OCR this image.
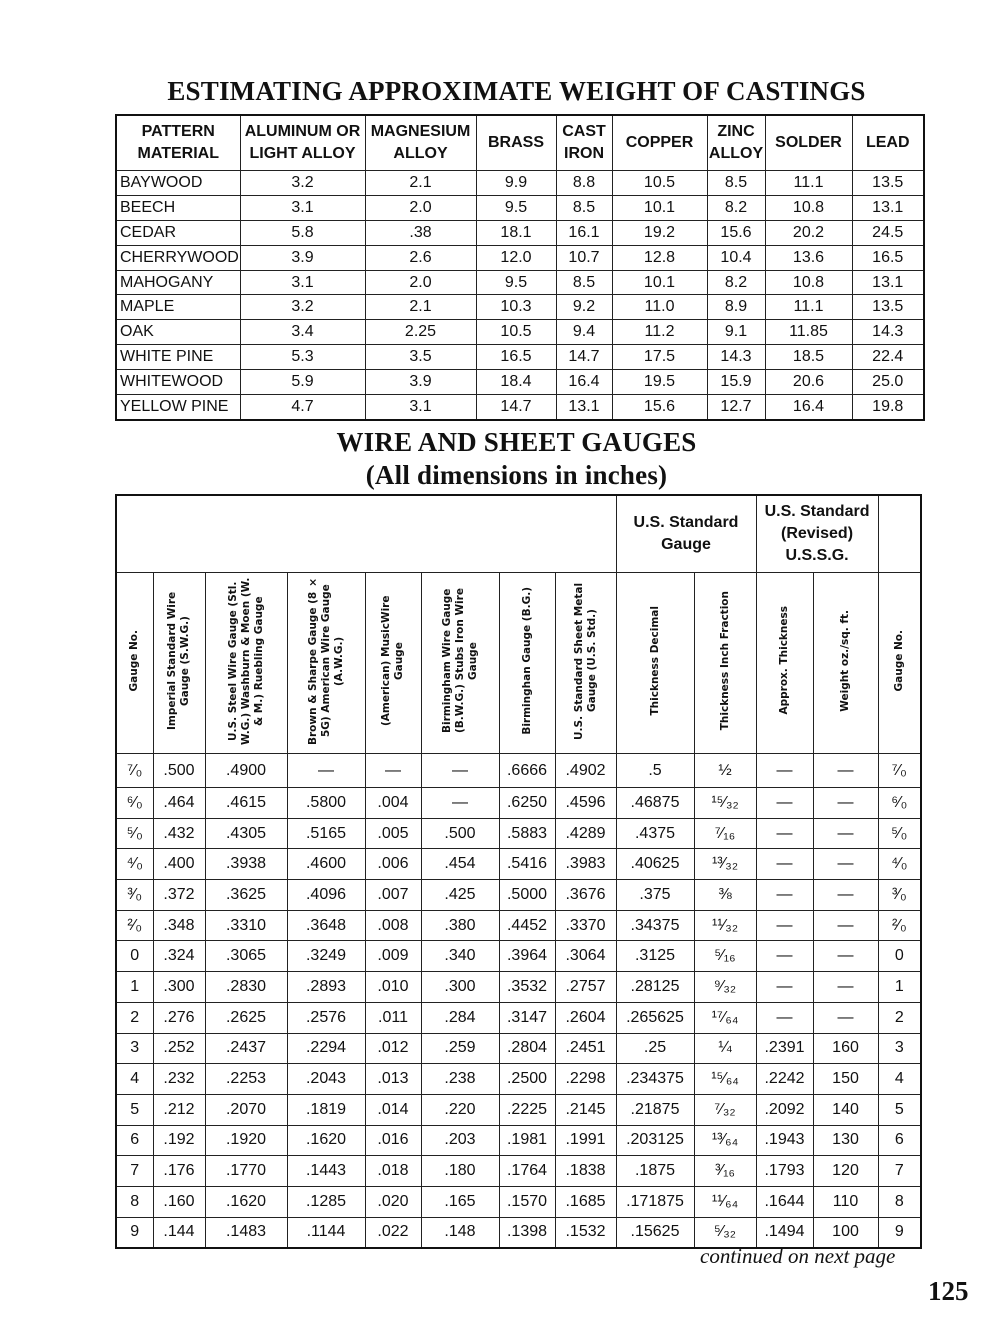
ESTIMATING APPROXIMATE WEIGHT OF CASTINGS
PATTERN MATERIAL	ALUMINUM OR LIGHT ALLOY	MAGNESIUM ALLOY	BRASS	CAST IRON	COPPER	ZINC ALLOY	SOLDER	LEAD
BAYWOOD	3.2	2.1	9.9	8.8	10.5	8.5	11.1	13.5
BEECH	3.1	2.0	9.5	8.5	10.1	8.2	10.8	13.1
CEDAR	5.8	.38	18.1	16.1	19.2	15.6	20.2	24.5
CHERRYWOOD	3.9	2.6	12.0	10.7	12.8	10.4	13.6	16.5
MAHOGANY	3.1	2.0	9.5	8.5	10.1	8.2	10.8	13.1
MAPLE	3.2	2.1	10.3	9.2	11.0	8.9	11.1	13.5
OAK	3.4	2.25	10.5	9.4	11.2	9.1	11.85	14.3
WHITE PINE	5.3	3.5	16.5	14.7	17.5	14.3	18.5	22.4
WHITEWOOD	5.9	3.9	18.4	16.4	19.5	15.9	20.6	25.0
YELLOW PINE	4.7	3.1	14.7	13.1	15.6	12.7	16.4	19.8
WIRE AND SHEET GAUGES
(All dimensions in inches)
								U.S. Standard Gauge		U.S. Standard (Revised) U.S.S.G.		
Gauge No.	Imperial Standard Wire Gauge (S.W.G.)	U.S. Steel Wire Gauge (Stl. W.G.) Washburn & Moen (W. & M.) Ruebling Gauge	Brown & Sharpe Gauge (8 × 5G) American Wire Gauge (A.W.G.)	(American) MusicWire Gauge	Birmingham Wire Gauge (B.W.G.) Stubs Iron Wire Gauge	Birminghan Gauge (B.G.)	U.S. Standard Sheet Metal Gauge (U.S. Std.)	Thickness Decimal	Thickness Inch Fraction	Approx. Thickness	Weight oz./sq. ft.	Gauge No.
⁷⁄₀	.500	.4900	—	—	—	.6666	.4902	.5	½	—	—	⁷⁄₀
⁶⁄₀	.464	.4615	.5800	.004	—	.6250	.4596	.46875	¹⁵⁄₃₂	—	—	⁶⁄₀
⁵⁄₀	.432	.4305	.5165	.005	.500	.5883	.4289	.4375	⁷⁄₁₆	—	—	⁵⁄₀
⁴⁄₀	.400	.3938	.4600	.006	.454	.5416	.3983	.40625	¹³⁄₃₂	—	—	⁴⁄₀
³⁄₀	.372	.3625	.4096	.007	.425	.5000	.3676	.375	⅜	—	—	³⁄₀
²⁄₀	.348	.3310	.3648	.008	.380	.4452	.3370	.34375	¹¹⁄₃₂	—	—	²⁄₀
0	.324	.3065	.3249	.009	.340	.3964	.3064	.3125	⁵⁄₁₆	—	—	0
1	.300	.2830	.2893	.010	.300	.3532	.2757	.28125	⁹⁄₃₂	—	—	1
2	.276	.2625	.2576	.011	.284	.3147	.2604	.265625	¹⁷⁄₆₄	—	—	2
3	.252	.2437	.2294	.012	.259	.2804	.2451	.25	¼	.2391	160	3
4	.232	.2253	.2043	.013	.238	.2500	.2298	.234375	¹⁵⁄₆₄	.2242	150	4
5	.212	.2070	.1819	.014	.220	.2225	.2145	.21875	⁷⁄₃₂	.2092	140	5
6	.192	.1920	.1620	.016	.203	.1981	.1991	.203125	¹³⁄₆₄	.1943	130	6
7	.176	.1770	.1443	.018	.180	.1764	.1838	.1875	³⁄₁₆	.1793	120	7
8	.160	.1620	.1285	.020	.165	.1570	.1685	.171875	¹¹⁄₆₄	.1644	110	8
9	.144	.1483	.1144	.022	.148	.1398	.1532	.15625	⁵⁄₃₂	.1494	100	9
continued on next page
125
